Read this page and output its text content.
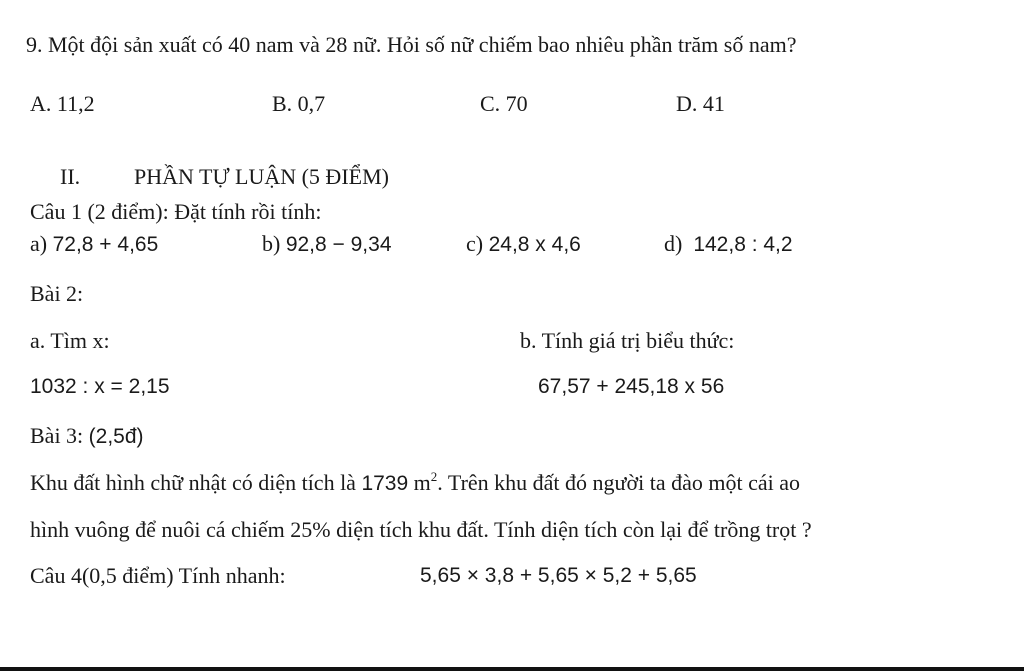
9. Một đội sản xuất có 40 nam và 28 nữ. Hỏi số nữ chiếm bao nhiêu phần trăm số nam?
A. 11,2	B. 0,7	C. 70	D. 41
II. PHẦN TỰ LUẬN (5 ĐIỂM)
Câu 1 (2 điểm): Đặt tính rồi tính:
a) 72,8 + 4,65	b) 92,8 − 9,34	c) 24,8 x 4,6	d) 142,8 : 4,2
Bài 2:
a. Tìm x:	b. Tính giá trị biểu thức:
1032 : x = 2,15	67,57 + 245,18 x 56
Bài 3: (2,5đ)
Khu đất hình chữ nhật có diện tích là 1739 $m^2$. Trên khu đất đó người ta đào một cái ao
hình vuông để nuôi cá chiếm 25% diện tích khu đất. Tính diện tích còn lại để trồng trọt ?
Câu 4(0,5 điểm) Tính nhanh:	5,65 × 3,8 + 5,65 × 5,2 + 5,65
